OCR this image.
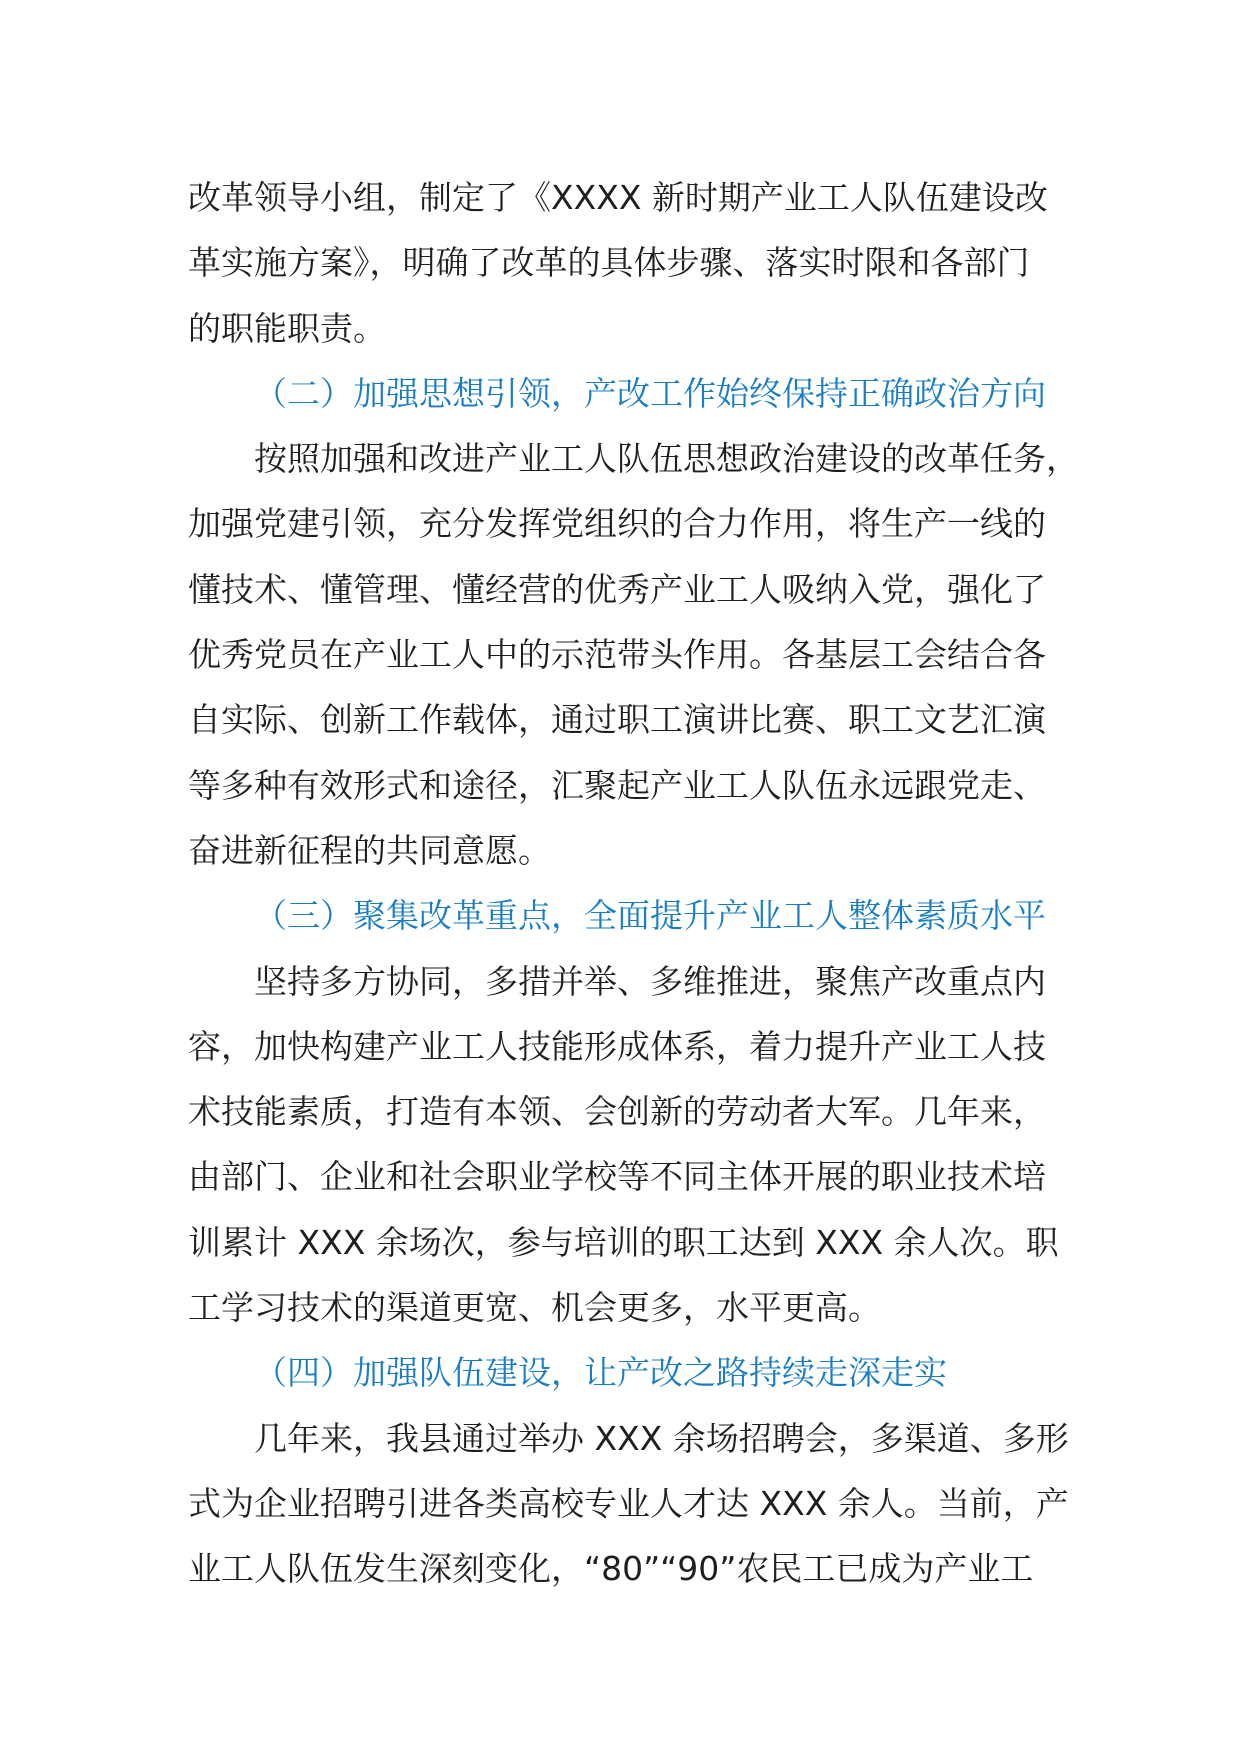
改革领导小组，制定了《XXXX 新时期产业工人队伍建设改
革实施方案》，明确了改革的具体步骤、落实时限和各部门
的职能职责。
（二）加强思想引领，产改工作始终保持正确政治方向
按照加强和改进产业工人队伍思想政治建设的改革任务，
加强党建引领，充分发挥党组织的合力作用，将生产一线的
懂技术、懂管理、懂经营的优秀产业工人吸纳入党，强化了
优秀党员在产业工人中的示范带头作用。各基层工会结合各
自实际、创新工作载体，通过职工演讲比赛、职工文艺汇演
等多种有效形式和途径，汇聚起产业工人队伍永远跟党走、
奋进新征程的共同意愿。
（三）聚集改革重点，全面提升产业工人整体素质水平
坚持多方协同，多措并举、多维推进，聚焦产改重点内
容，加快构建产业工人技能形成体系，着力提升产业工人技
术技能素质，打造有本领、会创新的劳动者大军。几年来，
由部门、企业和社会职业学校等不同主体开展的职业技术培
训累计 XXX 余场次，参与培训的职工达到 XXX 余人次。职
工学习技术的渠道更宽、机会更多，水平更高。
（四）加强队伍建设，让产改之路持续走深走实
几年来，我县通过举办 XXX 余场招聘会，多渠道、多形
式为企业招聘引进各类高校专业人才达 XXX 余人。当前，产
业工人队伍发生深刻变化，“80”“90”农民工已成为产业工
